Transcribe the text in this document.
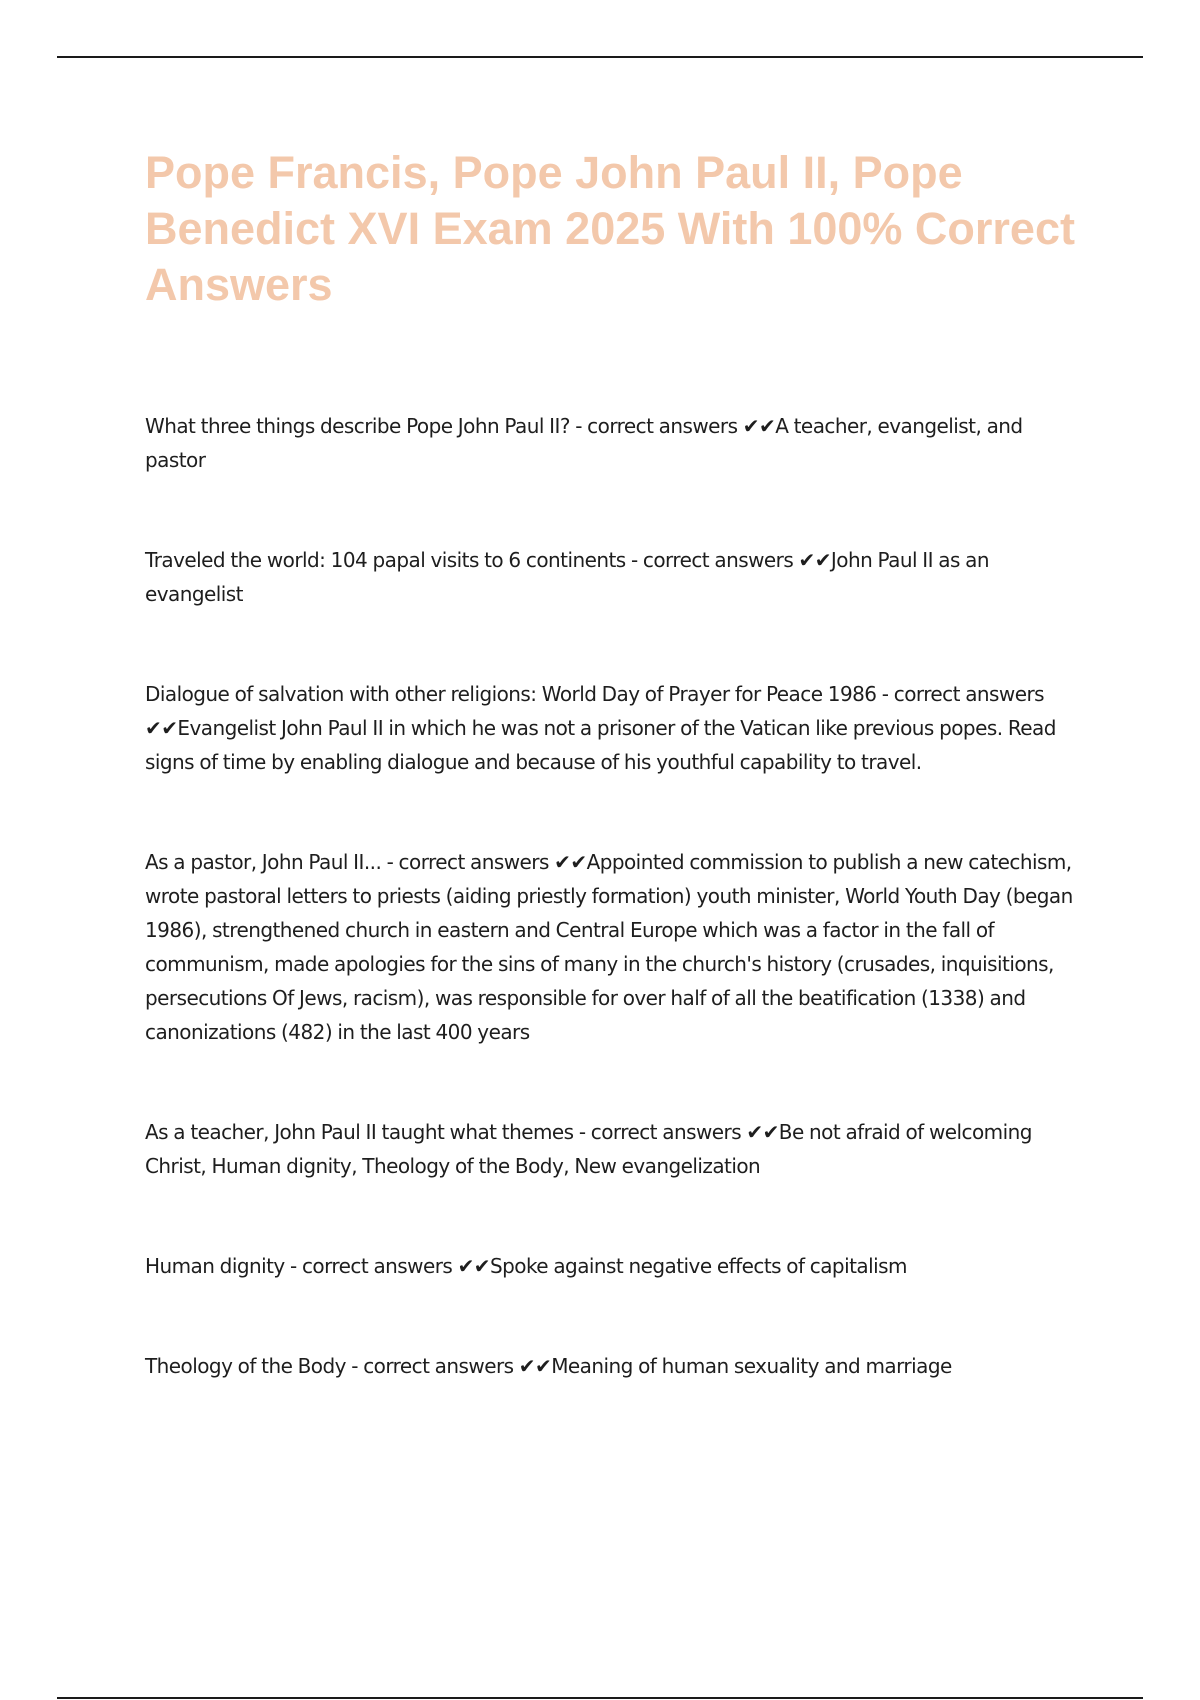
Pope Francis, Pope John Paul II, Pope Benedict XVI Exam 2025 With 100% Correct Answers
What three things describe Pope John Paul II? - correct answers ✔✔A teacher, evangelist, and pastor
Traveled the world: 104 papal visits to 6 continents - correct answers ✔✔John Paul II as an evangelist
Dialogue of salvation with other religions: World Day of Prayer for Peace 1986 - correct answers ✔✔Evangelist John Paul II in which he was not a prisoner of the Vatican like previous popes. Read signs of time by enabling dialogue and because of his youthful capability to travel.
As a pastor, John Paul II... - correct answers ✔✔Appointed commission to publish a new catechism, wrote pastoral letters to priests (aiding priestly formation) youth minister, World Youth Day (began 1986), strengthened church in eastern and Central Europe which was a factor in the fall of communism, made apologies for the sins of many in the church's history (crusades, inquisitions, persecutions Of Jews, racism), was responsible for over half of all the beatification (1338) and canonizations (482) in the last 400 years
As a teacher, John Paul II taught what themes - correct answers ✔✔Be not afraid of welcoming Christ, Human dignity, Theology of the Body, New evangelization
Human dignity - correct answers ✔✔Spoke against negative effects of capitalism
Theology of the Body - correct answers ✔✔Meaning of human sexuality and marriage
